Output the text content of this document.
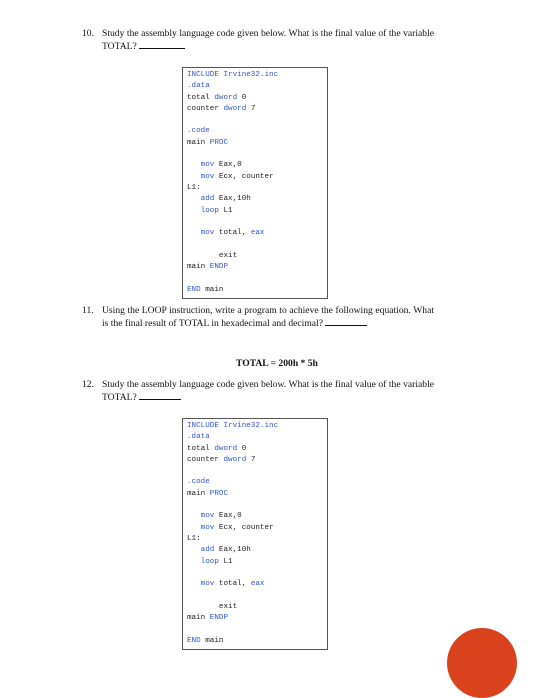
10. Study the assembly language code given below. What is the final value of the variable TOTAL?
INCLUDE Irvine32.inc
.data
total dword 0
counter dword 7
.code
main PROC
mov Eax,0
mov Ecx, counter
L1:
add Eax,10h
loop L1
mov total, eax
exit
main ENDP
END main
11. Using the LOOP instruction, write a program to achieve the following equation. What is the final result of TOTAL in hexadecimal and decimal?
TOTAL = 200h * 5h
12. Study the assembly language code given below. What is the final value of the variable TOTAL?
INCLUDE Irvine32.inc
.data
total dword 0
counter dword 7
.code
main PROC
mov Eax,0
mov Ecx, counter
L1:
add Eax,10h
loop L1
mov total, eax
exit
main ENDP
END main
